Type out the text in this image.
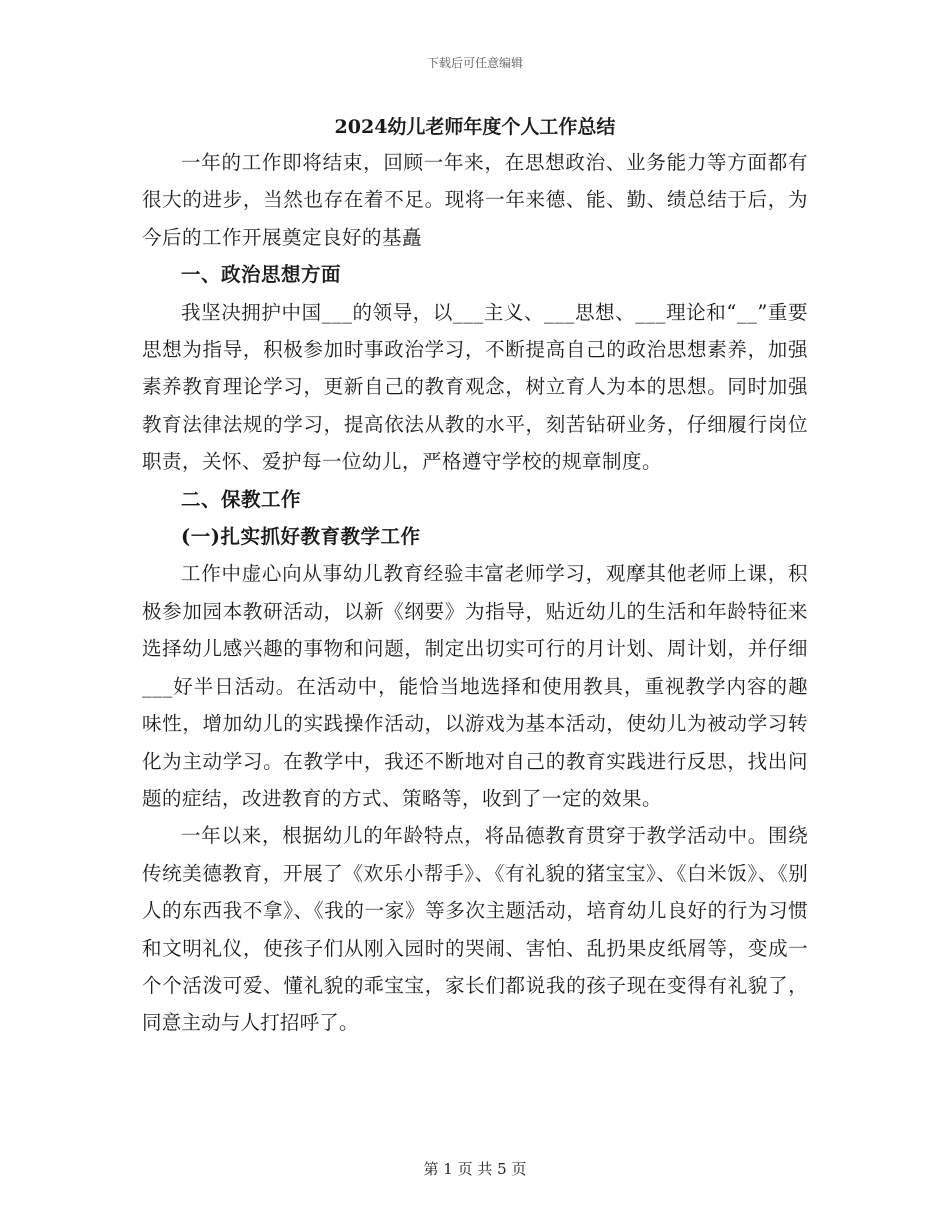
下载后可任意编辑
2024幼儿老师年度个人工作总结

一年的工作即将结束，回顾一年来，在思想政治、业务能力等方面都有很大的进步，当然也存在着不足。现将一年来德、能、勤、绩总结于后，为今后的工作开展奠定良好的基矗

一、政治思想方面

我坚决拥护中国___的领导，以___主义、___思想、___理论和“__”重要思想为指导，积极参加时事政治学习，不断提高自己的政治思想素养，加强素养教育理论学习，更新自己的教育观念，树立育人为本的思想。同时加强教育法律法规的学习，提高依法从教的水平，刻苦钻研业务，仔细履行岗位职责，关怀、爱护每一位幼儿，严格遵守学校的规章制度。

二、保教工作

(一)扎实抓好教育教学工作

工作中虚心向从事幼儿教育经验丰富老师学习，观摩其他老师上课，积极参加园本教研活动，以新《纲要》为指导，贴近幼儿的生活和年龄特征来选择幼儿感兴趣的事物和问题，制定出切实可行的月计划、周计划，并仔细___好半日活动。在活动中，能恰当地选择和使用教具，重视教学内容的趣味性，增加幼儿的实践操作活动，以游戏为基本活动，使幼儿为被动学习转化为主动学习。在教学中，我还不断地对自己的教育实践进行反思，找出问题的症结，改进教育的方式、策略等，收到了一定的效果。

一年以来，根据幼儿的年龄特点，将品德教育贯穿于教学活动中。围绕传统美德教育，开展了《欢乐小帮手》、《有礼貌的猪宝宝》、《白米饭》、《别人的东西我不拿》、《我的一家》等多次主题活动，培育幼儿良好的行为习惯和文明礼仪，使孩子们从刚入园时的哭闹、害怕、乱扔果皮纸屑等，变成一个个活泼可爱、懂礼貌的乖宝宝，家长们都说我的孩子现在变得有礼貌了，同意主动与人打招呼了。

第 1 页 共 5 页
